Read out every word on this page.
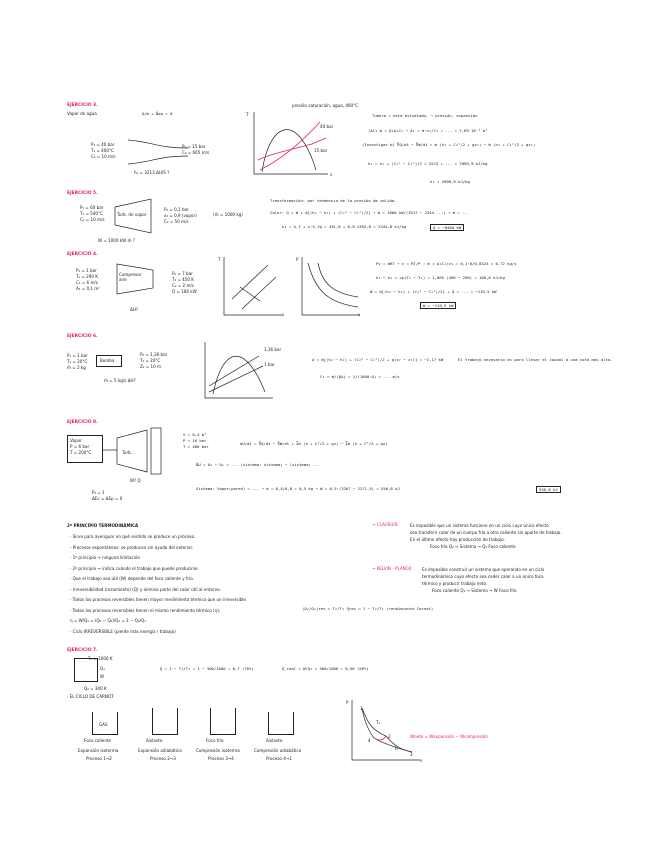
EJERCICIO 3.
Vapor de agua	Q/m + Δep = 0
P₁ = 40 bar
T₁ = 400°C
C₁ = 10 m/s
P₂ = 15 bar
C₂ = 665 m/s
h₁ = 3213 ΔH/S ?
presión saturación, agua, 400°C
40 bar
15 bar
T
s
Tubera = está estudiado, → presión, expansión
(A1) ṁ = ρ₁A₁C₁ → A₁ = ṁ·v₁/C₁ = ... = 7,69·10⁻³ m²
(Investigar b) δQ/dt − δW/dt = ṁ (h₂ + C₂²/2 + gz₂) − ṁ (h₁ + C₁²/2 + gz₁)
h₂ = h₁ + (C₁² − C₂²)/2 = 3213 + ... = 2990,9 kJ/kg
h₂ = 2990,9 kJ/kg
EJERCICIO 5.
P₁ = 60 bar
T₁ = 540°C
C₁ = 10 m/s
Turb. de vapor
P₂ = 0,1 bar
x₂ = 0,9 (vapor)
C₂ = 50 m/s
(ṁ = 1000 kg)
W = 1000 kW ṁ ?
Transformación: por tendencia de la presión de salida.
Calor: Q̇ = Ẇ + ṁ[(h₂ − h₁) + (C₂² − C₁²)/2] → ṁ = 1000 kW/(3517 − 2344 ...) → ṁ = ...
h₂ = h_f + x·h_fg = 191,8 + 0,9·2392,8 = 2344,8 kJ/kg	Q = −8460 kW
EJERCICIO 4.
P₁ = 1 bar
T₁ = 290 K
C₁ = 6 m/s
A₁ = 0,1 m²
Compresor aire
P₂ = 7 bar
T₂ = 450 K
C₂ = 2 m/s
Q = 180 kW
ΔH?
T
s
P
v
Pv = mRT → v = RT/P ; ṁ = A₁C₁/v₁ = 0,1·6/0,8324 = 0,72 kg/s
h₂ − h₁ = cp(T₂ − T₁) = 1,005 (450 − 290) = 160,8 kJ/kg
Ẇ = ṁ[(h₂ − h₁) + (C₂² − C₁²)/2] + Q̇ = ... = −119,5 kW
W = −119,5 kW
EJERCICIO 6.
P₁ = 1 bar
T₁ = 20°C
ṁ = 2 kg
Bomba
P₂ = 1,36 bar
T₂ = 20°C
Z₂ = 10 m
ṁ = 5 kg/s ΔH?
1,36 bar
1 bar
ẇ = ṁ[(h₂ − h₁) + (C₂² − C₁²)/2 + g(z₂ − z₁)] = −2,17 kW	El trabajo necesario es para llevar el caudal a una cota más alta.
C₂ = ṁ/(ρA) = 1/(1000·A) = ... m/s
EJERCICIO 8.
Vapor
P = 6 bar
T = 200°C	Turb.
W? Q
P₂ = 1
ΔEc = ΔEp = 0
V = 0,4 m³
P = 16 bar
T = 400 bar
dU/dt = δQ/dt − δW/dt + Σṁ (h + C²/2 + gz) − Σṁ (h + C²/2 + gz)
ΔU = U₂ − U₁ = ... (sistema: sistema) − (sistema) ...
Sistema: Vapor(pared) = ... → ṁ = 0,4/0,8 = 0,5 kg → W = 0,5·(3267 − 2271,5) = 556,8 kJ	556,8 kJ
2º PRINCIPIO TERMODINÁMICA
· Sirve para averiguar en qué sentido se produce un proceso.
- Procesos espontáneos: se producen sin ayuda del exterior.
· 1º principio → ninguna limitación
· 2º principio → indica cuándo el trabajo que puede producirse.
· Que el trabajo sea útil (W) depende del foco caliente y frío.
- Irreversibilidad (rozamiento) (Q) y elimina parte del calor útil al entorno.
· Todos los procesos reversibles tienen mayor rendimiento térmico que un irreversible.
· Todos los procesos reversibles tienen el mismo rendimiento térmico (η):
η = W/Q₁ = (Q₁ − Q₂)/Q₁ = 1 − Q₂/Q₁
· Ciclo IRREVERSIBLE (pierde más energía / trabajo)
→ CLAUSIUS:	Es imposible que un sistema funcione en un ciclo cuyo único efecto
sea transferir calor de un cuerpo frío a otro caliente sin aporte de trabajo.
En el último efecto hay producción de trabajo.
Foco frío Q₂ → Sistema → Q₁ Foco caliente
→ KELVIN - PLANCK: Es imposible construir un sistema que operando en un ciclo
termodinámico cuyo efecto sea ceder calor a un único foco
térmico y producir trabajo neto.
Foco caliente Q₁ → Sistema → W Foco frío
(Q₂/Q₁)rev = T₂/T₁ ηrev = 1 − T₂/T₁ (rendimiento Carnot)
EJERCICIO 7.
T₁ = 1000 K
Q₁
W
Q₂ = 300 K
η = 1 − T₂/T₁ = 1 − 300/1000 = 0,7 (70%)	η_real = W/Q₁ = 560/1000 = 0,56 (56%)
· EL CICLO DE CARNOT
GAS
Foco caliente
Expansión isoterma
Proceso 1→2
Aislante
Expansión adiabática
Proceso 2→3
Foco frío
Compresión isoterma
Proceso 3→4
Aislante
Compresión adiabática
Proceso 4→1
P
v
1
2
3
4
T₁
T₂
Wneto = Wexpansión − Wcompresión
